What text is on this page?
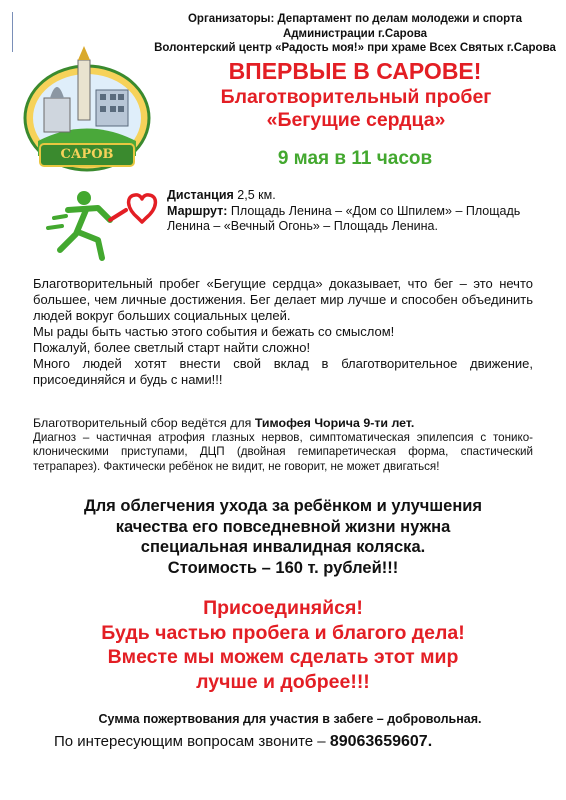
Организаторы: Департамент по делам молодежи и спорта Администрации г.Сарова
Волонтерский центр «Радость моя!» при храме Всех Святых г.Сарова
САРОВ
ВПЕРВЫЕ В САРОВЕ!
Благотворительный пробег
«Бегущие сердца»
9 мая в 11 часов
Дистанция 2,5 км.
Маршрут: Площадь Ленина – «Дом со Шпилем» – Площадь Ленина – «Вечный Огонь» – Площадь Ленина.

Благотворительный пробег «Бегущие сердца» доказывает, что бег – это нечто большее, чем личные достижения. Бег делает мир лучше и способен объединить людей вокруг больших социальных целей.

Мы рады быть частью этого события и бежать со смыслом!

Пожалуй, более светлый старт найти сложно!

Много людей хотят внести свой вклад в благотворительное движение, присоединяйся и будь с нами!!!

Благотворительный сбор ведётся для Тимофея Чорича 9-ти лет.

Диагноз – частичная атрофия глазных нервов, симптоматическая эпилепсия с тонико-клоническими приступами, ДЦП (двойная гемипаретическая форма, спастический тетрапарез). Фактически ребёнок не видит, не говорит, не может двигаться!

Для облегчения ухода за ребёнком и улучшения
качества его повседневной жизни нужна
специальная инвалидная коляска.
Стоимость – 160 т. рублей!!!
Присоединяйся!
Будь частью пробега и благого дела!
Вместе мы можем сделать этот мир
лучше и добрее!!!
Сумма пожертвования для участия в забеге – добровольная.
По интересующим вопросам звоните – 89063659607.
